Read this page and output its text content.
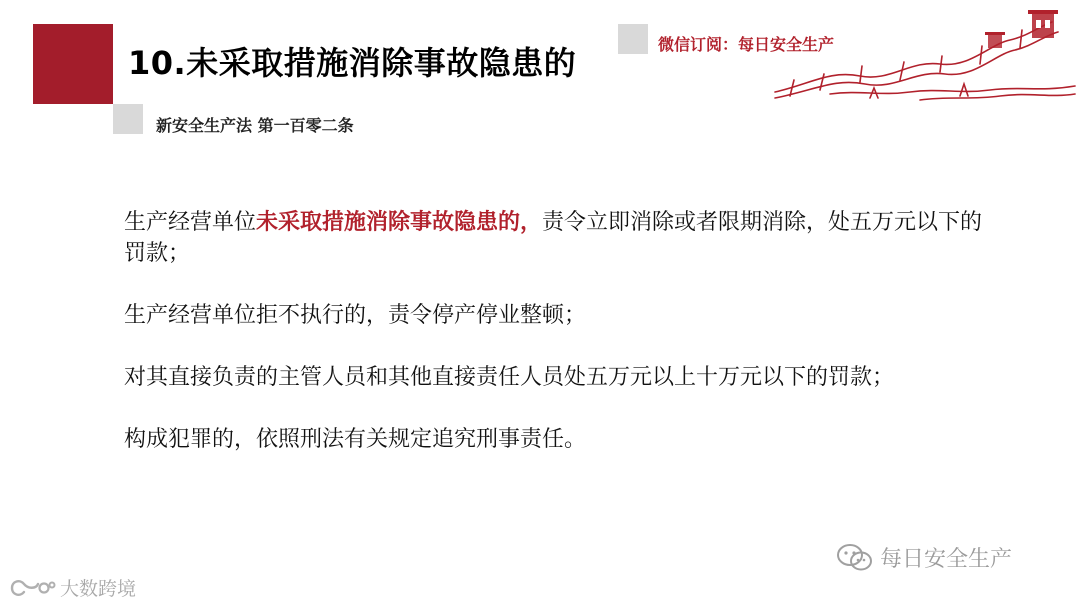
10.未采取措施消除事故隐患的
新安全生产法 第一百零二条
微信订阅：每日安全生产

生产经营单位未采取措施消除事故隐患的，责令立即消除或者限期消除，处五万元以下的罚款；

生产经营单位拒不执行的，责令停产停业整顿；

对其直接负责的主管人员和其他直接责任人员处五万元以上十万元以下的罚款；

构成犯罪的，依照刑法有关规定追究刑事责任。

每日安全生产
大数跨境
